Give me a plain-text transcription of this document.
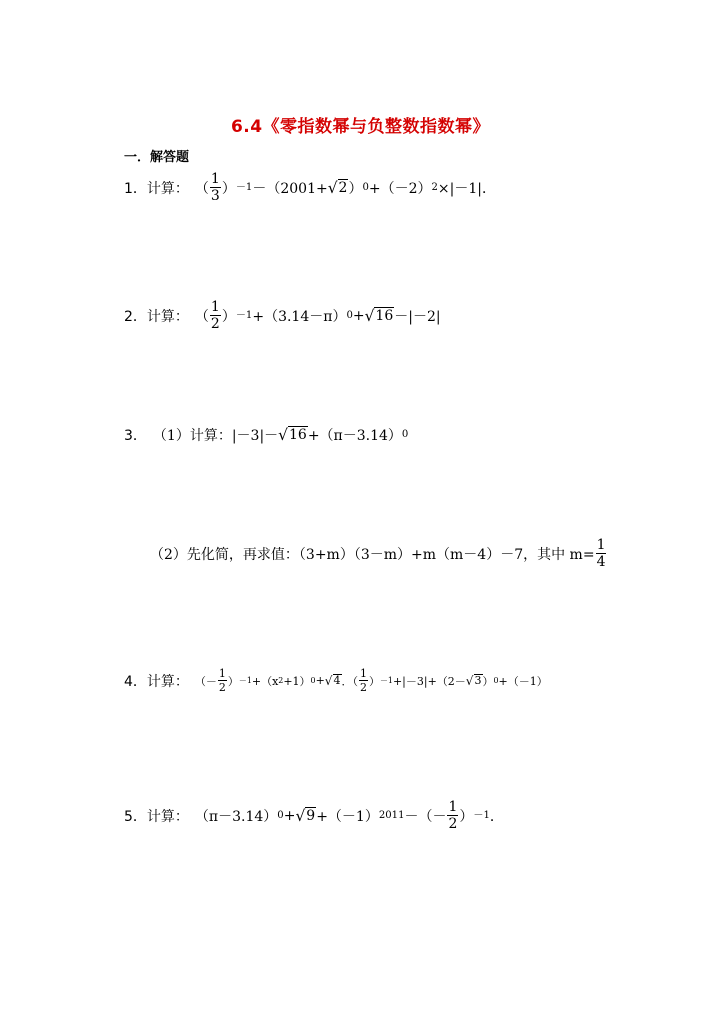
6.4《零指数幂与负整数指数幂》
一．解答题
1．计算： （ $\frac{1}{3}$ ） －1 －（2001+ √ 2 ） 0 +（－2） 2 ×|－1|．
2．计算： （ $\frac{1}{2}$ ） －1 +（3.14－π） 0 + √ 16 －|－2|
3． （1）计算：|－3|－ √ 16 +（π－3.14） 0
（2）先化简，再求值：（3+m）（3－m）+m（m－4）－7，其中 $m= \frac{1}{4}$
4．计算： （－ $\frac{1}{2}$ ） －1 +（x 2 +1） 0 + √ 4 ．（ $\frac{1}{2}$ ） －1 +|－3|+（2－ √ 3 ） 0 +（－1）
5．计算： （π－3.14） 0 + √ 9 +（－1） 2011 －（－ $\frac{1}{2}$ ） －1 ．
